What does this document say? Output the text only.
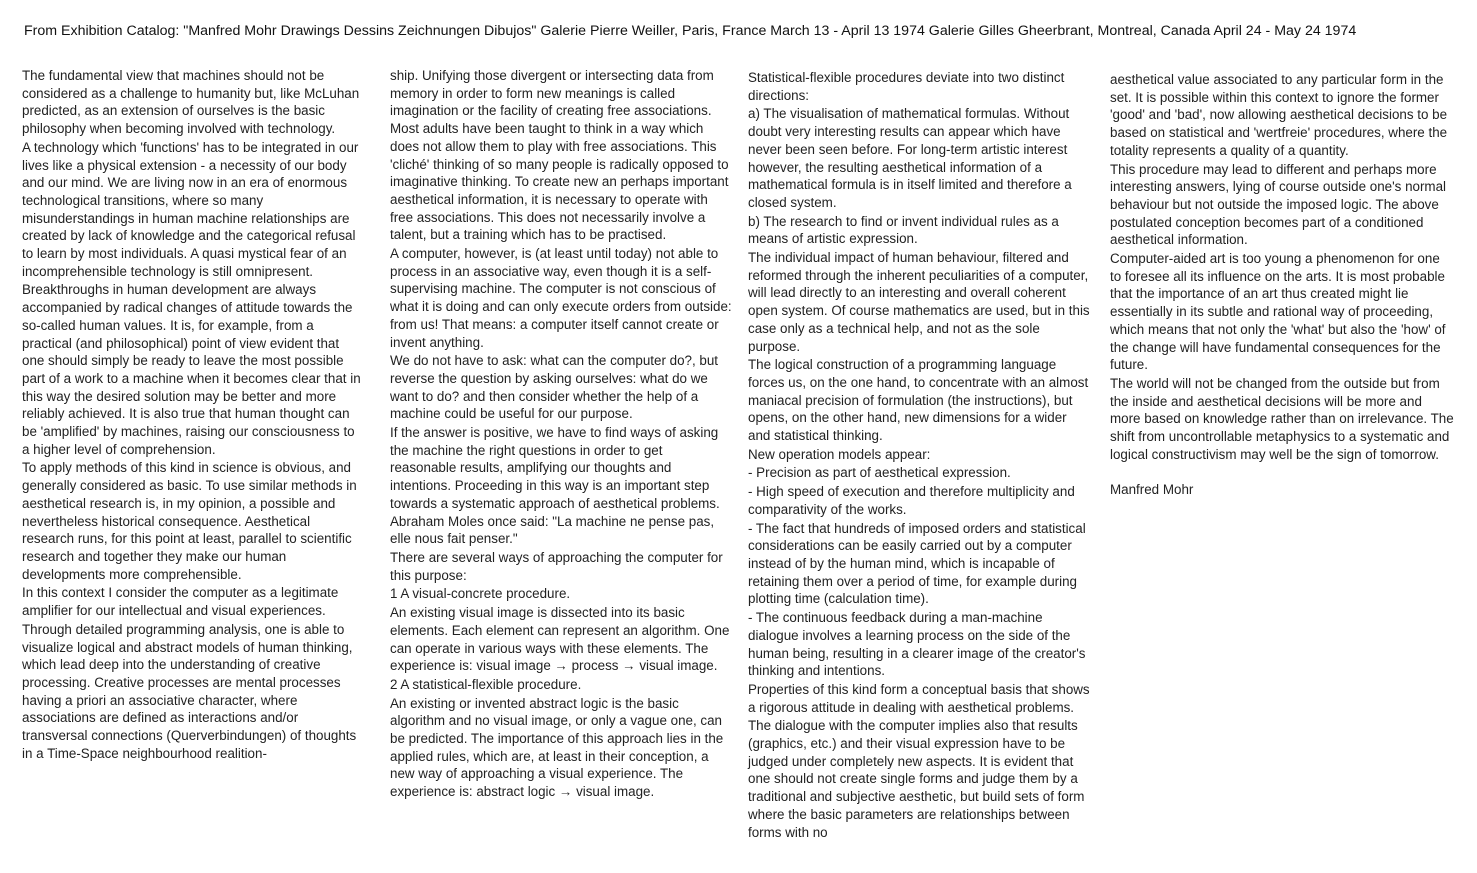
From Exhibition Catalog: "Manfred Mohr Drawings Dessins Zeichnungen Dibujos" Galerie Pierre Weiller, Paris, France March 13 - April 13 1974 Galerie Gilles Gheerbrant, Montreal, Canada April 24 - May 24 1974

The fundamental view that machines should not be considered as a challenge to humanity but, like McLuhan predicted, as an extension of ourselves is the basic philosophy when becoming involved with technology.

A technology which 'functions' has to be integrated in our lives like a physical extension - a necessity of our body and our mind. We are living now in an era of enormous technological transitions, where so many misunderstandings in human machine relationships are created by lack of knowledge and the categorical refusal to learn by most individuals. A quasi mystical fear of an incomprehensible technology is still omnipresent.

Breakthroughs in human development are always accompanied by radical changes of attitude towards the so-called human values. It is, for example, from a practical (and philosophical) point of view evident that one should simply be ready to leave the most possible part of a work to a machine when it becomes clear that in this way the desired solution may be better and more reliably achieved. It is also true that human thought can be 'amplified' by machines, raising our consciousness to a higher level of comprehension.

To apply methods of this kind in science is obvious, and generally considered as basic. To use similar methods in aesthetical research is, in my opinion, a possible and nevertheless historical consequence. Aesthetical research runs, for this point at least, parallel to scientific research and together they make our human developments more comprehensible.

In this context I consider the computer as a legitimate amplifier for our intellectual and visual experiences.

Through detailed programming analysis, one is able to visualize logical and abstract models of human thinking, which lead deep into the understanding of creative processing. Creative processes are mental processes having a priori an associative character, where associations are defined as interactions and/or transversal connections (Querverbindungen) of thoughts in a Time-Space neighbourhood realition-

ship. Unifying those divergent or intersecting data from memory in order to form new meanings is called imagination or the facility of creating free associations. Most adults have been taught to think in a way which does not allow them to play with free associations. This 'cliché' thinking of so many people is radically opposed to imaginative thinking. To create new an perhaps important aesthetical information, it is necessary to operate with free associations. This does not necessarily involve a talent, but a training which has to be practised.

A computer, however, is (at least until today) not able to process in an associative way, even though it is a self-supervising machine. The computer is not conscious of what it is doing and can only execute orders from outside: from us! That means: a computer itself cannot create or invent anything.

We do not have to ask: what can the computer do?, but reverse the question by asking ourselves: what do we want to do? and then consider whether the help of a machine could be useful for our purpose.

If the answer is positive, we have to find ways of asking the machine the right questions in order to get reasonable results, amplifying our thoughts and intentions. Proceeding in this way is an important step towards a systematic approach of aesthetical problems. Abraham Moles once said: "La machine ne pense pas, elle nous fait penser."

There are several ways of approaching the computer for this purpose:

1 A visual-concrete procedure.

An existing visual image is dissected into its basic elements. Each element can represent an algorithm. One can operate in various ways with these elements. The experience is: visual image → process → visual image.

2 A statistical-flexible procedure.

An existing or invented abstract logic is the basic algorithm and no visual image, or only a vague one, can be predicted. The importance of this approach lies in the applied rules, which are, at least in their conception, a new way of approaching a visual experience. The experience is: abstract logic → visual image.

Statistical-flexible procedures deviate into two distinct directions:

a) The visualisation of mathematical formulas. Without doubt very interesting results can appear which have never been seen before. For long-term artistic interest however, the resulting aesthetical information of a mathematical formula is in itself limited and therefore a closed system.

b) The research to find or invent individual rules as a means of artistic expression.

The individual impact of human behaviour, filtered and reformed through the inherent peculiarities of a computer, will lead directly to an interesting and overall coherent open system. Of course mathematics are used, but in this case only as a technical help, and not as the sole purpose.

The logical construction of a programming language forces us, on the one hand, to concentrate with an almost maniacal precision of formulation (the instructions), but opens, on the other hand, new dimensions for a wider and statistical thinking.

New operation models appear:

- Precision as part of aesthetical expression.

- High speed of execution and therefore multiplicity and comparativity of the works.

- The fact that hundreds of imposed orders and statistical considerations can be easily carried out by a computer instead of by the human mind, which is incapable of retaining them over a period of time, for example during plotting time (calculation time).

- The continuous feedback during a man-machine dialogue involves a learning process on the side of the human being, resulting in a clearer image of the creator's thinking and intentions.

Properties of this kind form a conceptual basis that shows a rigorous attitude in dealing with aesthetical problems.

The dialogue with the computer implies also that results (graphics, etc.) and their visual expression have to be judged under completely new aspects. It is evident that one should not create single forms and judge them by a traditional and subjective aesthetic, but build sets of form where the basic parameters are relationships between forms with no

aesthetical value associated to any particular form in the set. It is possible within this context to ignore the former 'good' and 'bad', now allowing aesthetical decisions to be based on statistical and 'wertfreie' procedures, where the totality represents a quality of a quantity.

This procedure may lead to different and perhaps more interesting answers, lying of course outside one's normal behaviour but not outside the imposed logic. The above postulated conception becomes part of a conditioned aesthetical information.

Computer-aided art is too young a phenomenon for one to foresee all its influence on the arts. It is most probable that the importance of an art thus created might lie essentially in its subtle and rational way of proceeding, which means that not only the 'what' but also the 'how' of the change will have fundamental consequences for the future.

The world will not be changed from the outside but from the inside and aesthetical decisions will be more and more based on knowledge rather than on irrelevance. The shift from uncontrollable metaphysics to a systematic and logical constructivism may well be the sign of tomorrow.

Manfred Mohr
